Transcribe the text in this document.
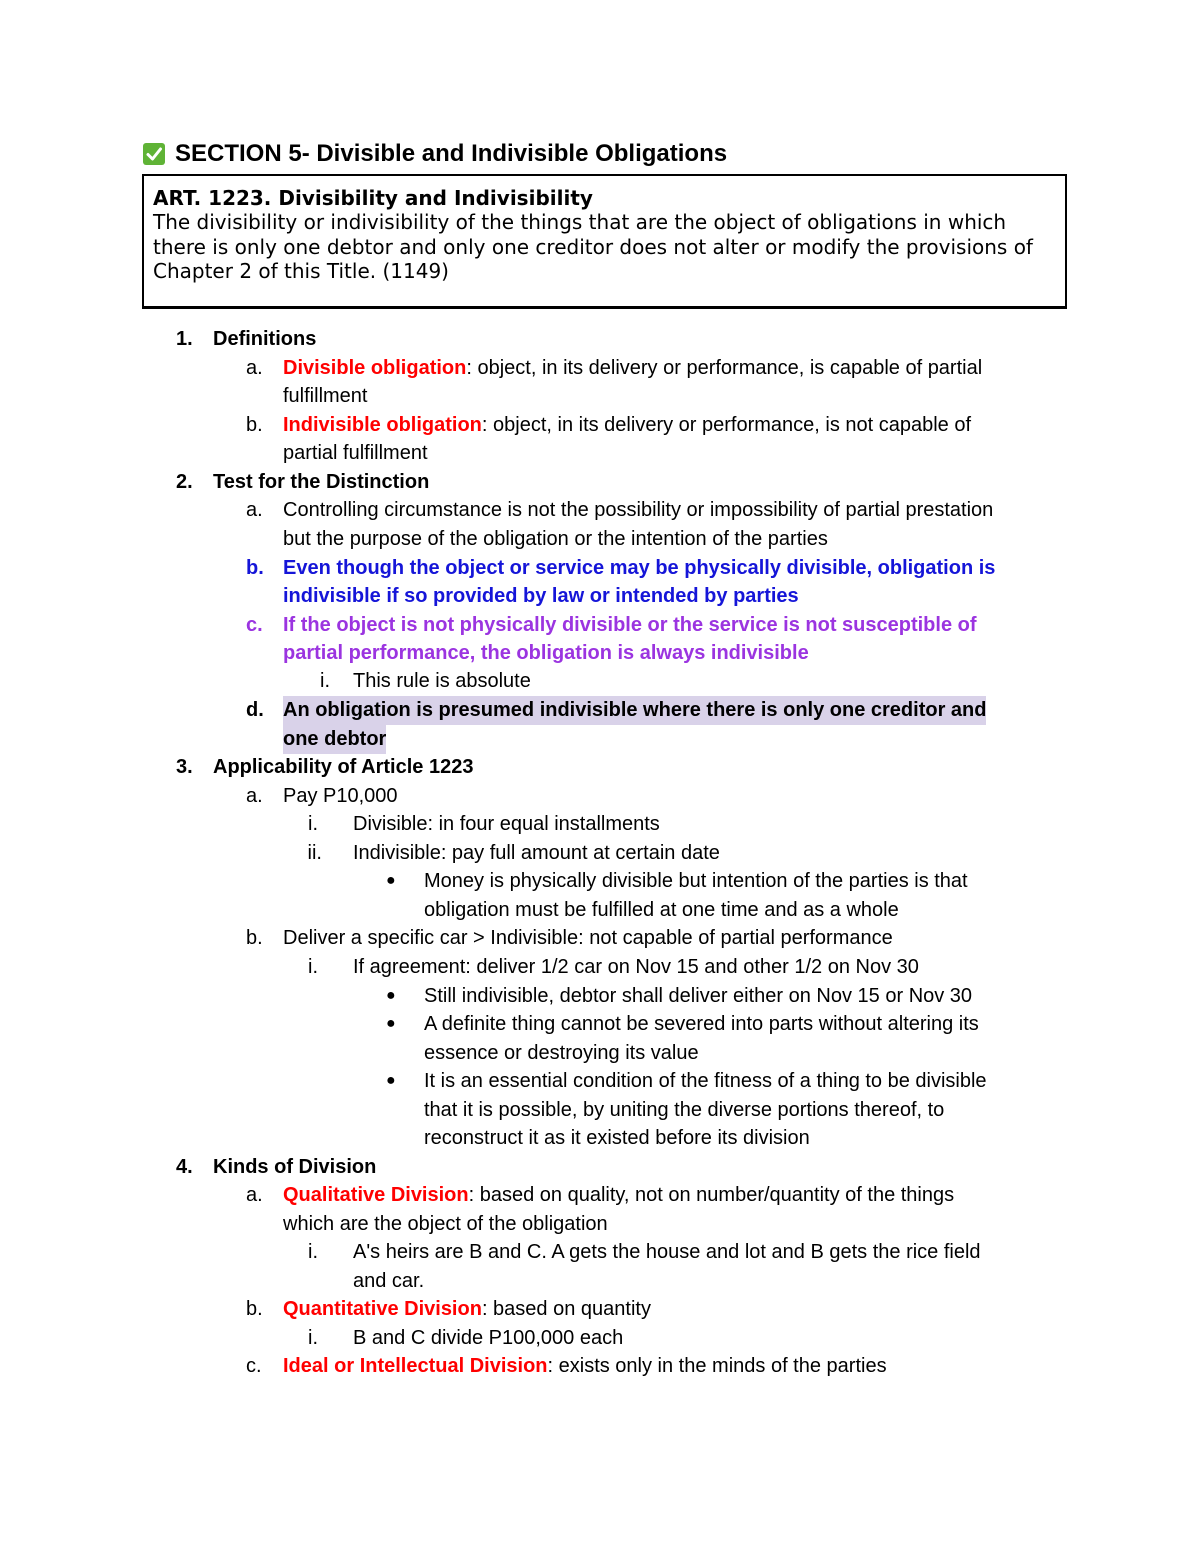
SECTION 5- Divisible and Indivisible Obligations
ART. 1223. Divisibility and Indivisibility
The divisibility or indivisibility of the things that are the object of obligations in which there is only one debtor and only one creditor does not alter or modify the provisions of Chapter 2 of this Title. (1149)
1. Definitions
a. Divisible obligation: object, in its delivery or performance, is capable of partial
fulfillment
b. Indivisible obligation: object, in its delivery or performance, is not capable of
partial fulfillment
2. Test for the Distinction
a. Controlling circumstance is not the possibility or impossibility of partial prestation
but the purpose of the obligation or the intention of the parties
b. Even though the object or service may be physically divisible, obligation is
indivisible if so provided by law or intended by parties
c. If the object is not physically divisible or the service is not susceptible of
partial performance, the obligation is always indivisible
i. This rule is absolute
d. An obligation is presumed indivisible where there is only one creditor and
one debtor
3. Applicability of Article 1223
a. Pay P10,000
i. Divisible: in four equal installments
ii. Indivisible: pay full amount at certain date
● Money is physically divisible but intention of the parties is that
obligation must be fulfilled at one time and as a whole
b. Deliver a specific car > Indivisible: not capable of partial performance
i. If agreement: deliver 1/2 car on Nov 15 and other 1/2 on Nov 30
● Still indivisible, debtor shall deliver either on Nov 15 or Nov 30
● A definite thing cannot be severed into parts without altering its
essence or destroying its value
● It is an essential condition of the fitness of a thing to be divisible
that it is possible, by uniting the diverse portions thereof, to
reconstruct it as it existed before its division
4. Kinds of Division
a. Qualitative Division: based on quality, not on number/quantity of the things
which are the object of the obligation
i. A's heirs are B and C. A gets the house and lot and B gets the rice field
and car.
b. Quantitative Division: based on quantity
i. B and C divide P100,000 each
c. Ideal or Intellectual Division: exists only in the minds of the parties
